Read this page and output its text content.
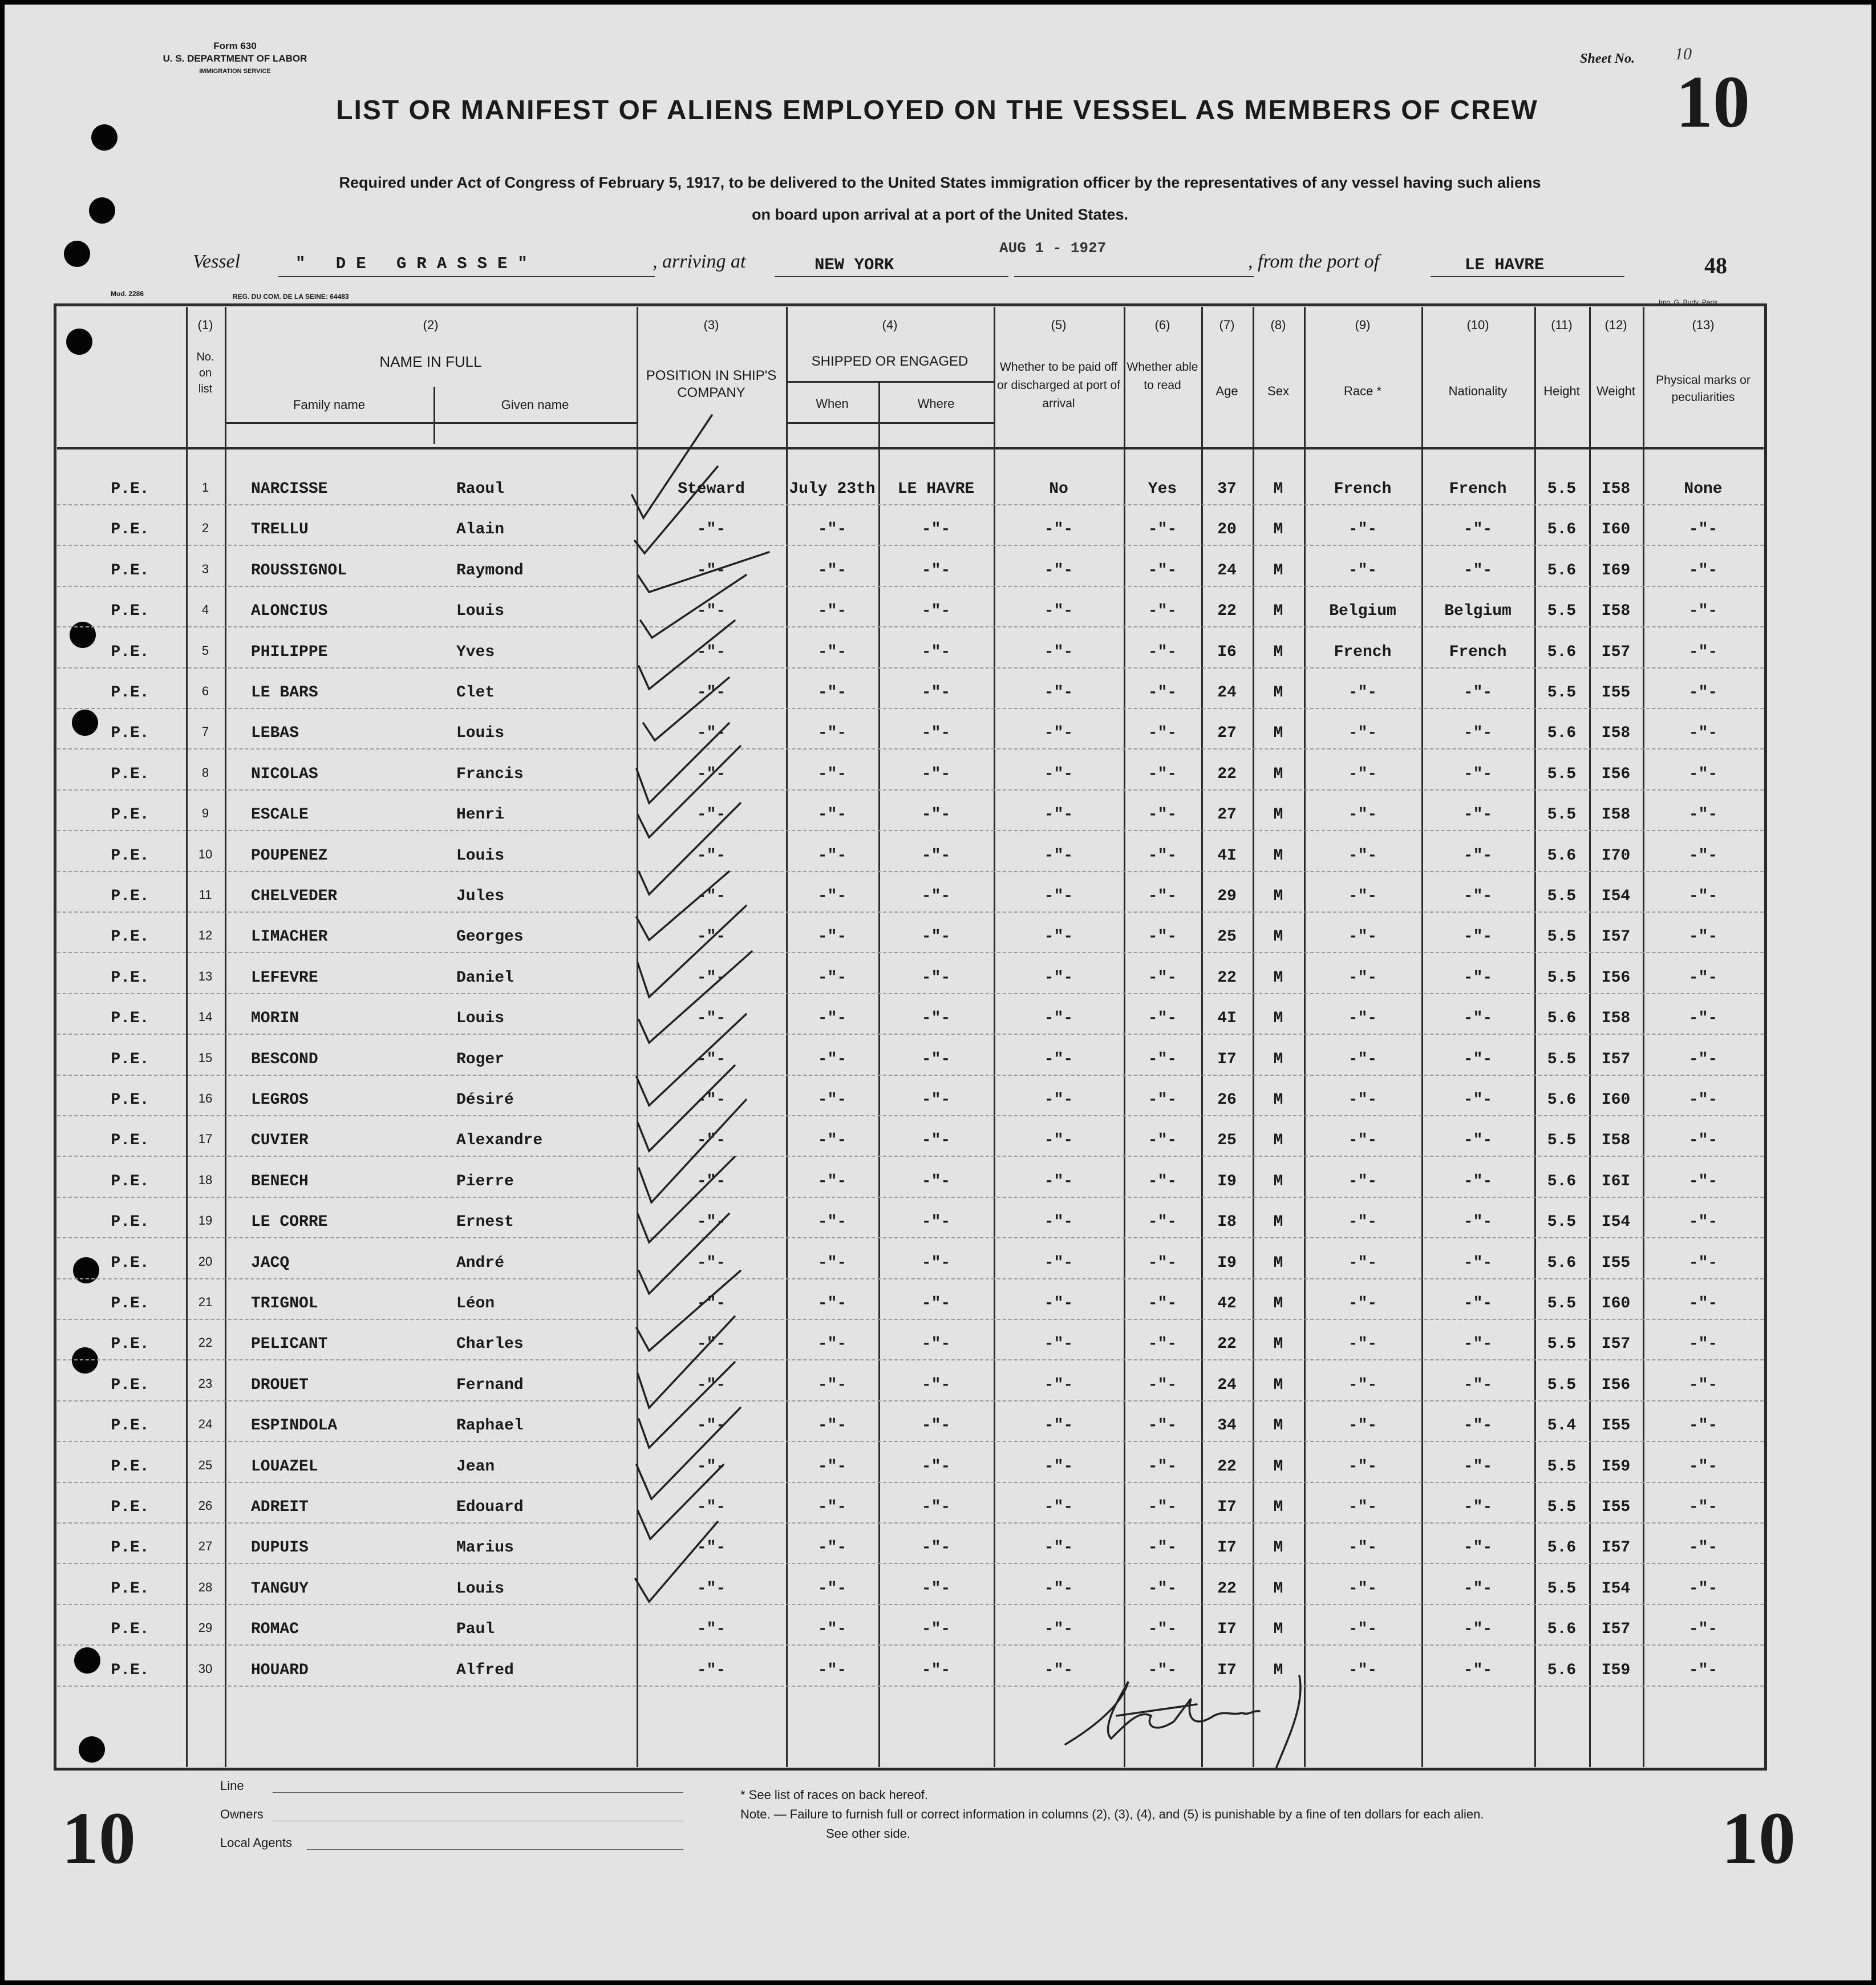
Form 630
U. S. DEPARTMENT OF LABOR
IMMIGRATION SERVICE
Sheet No. 10
10
LIST OR MANIFEST OF ALIENS EMPLOYED ON THE VESSEL AS MEMBERS OF CREW
Required under Act of Congress of February 5, 1917, to be delivered to the United States immigration officer by the representatives of any vessel having such aliens
on board upon arrival at a port of the United States.
Vessel	" DE GRASSE"	, arriving at	NEW YORK
AUG 1 - 1927
, from the port of	LE HAVRE	48
Mod. 2286	REG. DU COM. DE LA SEINE: 64483
Imp. G. Budy, Paris
(1)
No. on list
(2)
NAME IN FULL
Family name	Given name
(3)
POSITION IN SHIP'S COMPANY
(4)
SHIPPED OR ENGAGED
When	Where
(5)
Whether to be paid off or discharged at port of arrival
(6)
Whether able to read
(7)
Age
(8)
Sex
(9)
Race *
(10)
Nationality
(11)
Height
(12)
Weight
(13)
Physical marks or peculiarities
P.E.	1	NARCISSE	Raoul	Steward	July 23th	LE HAVRE	No	Yes	37	M	French	French	5.5	I58	None
P.E.	2	TRELLU	Alain	-"-	-"-	-"-	-"-	-"-	20	M	-"-	-"-	5.6	I60	-"-
P.E.	3	ROUSSIGNOL	Raymond	-"-	-"-	-"-	-"-	-"-	24	M	-"-	-"-	5.6	I69	-"-
P.E.	4	ALONCIUS	Louis	-"-	-"-	-"-	-"-	-"-	22	M	Belgium	Belgium	5.5	I58	-"-
P.E.	5	PHILIPPE	Yves	-"-	-"-	-"-	-"-	-"-	I6	M	French	French	5.6	I57	-"-
P.E.	6	LE BARS	Clet	-"-	-"-	-"-	-"-	-"-	24	M	-"-	-"-	5.5	I55	-"-
P.E.	7	LEBAS	Louis	-"-	-"-	-"-	-"-	-"-	27	M	-"-	-"-	5.6	I58	-"-
P.E.	8	NICOLAS	Francis	-"-	-"-	-"-	-"-	-"-	22	M	-"-	-"-	5.5	I56	-"-
P.E.	9	ESCALE	Henri	-"-	-"-	-"-	-"-	-"-	27	M	-"-	-"-	5.5	I58	-"-
P.E.	10	POUPENEZ	Louis	-"-	-"-	-"-	-"-	-"-	4I	M	-"-	-"-	5.6	I70	-"-
P.E.	11	CHELVEDER	Jules	-"-	-"-	-"-	-"-	-"-	29	M	-"-	-"-	5.5	I54	-"-
P.E.	12	LIMACHER	Georges	-"-	-"-	-"-	-"-	-"-	25	M	-"-	-"-	5.5	I57	-"-
P.E.	13	LEFEVRE	Daniel	-"-	-"-	-"-	-"-	-"-	22	M	-"-	-"-	5.5	I56	-"-
P.E.	14	MORIN	Louis	-"-	-"-	-"-	-"-	-"-	4I	M	-"-	-"-	5.6	I58	-"-
P.E.	15	BESCOND	Roger	-"-	-"-	-"-	-"-	-"-	I7	M	-"-	-"-	5.5	I57	-"-
P.E.	16	LEGROS	Désiré	-"-	-"-	-"-	-"-	-"-	26	M	-"-	-"-	5.6	I60	-"-
P.E.	17	CUVIER	Alexandre	-"-	-"-	-"-	-"-	-"-	25	M	-"-	-"-	5.5	I58	-"-
P.E.	18	BENECH	Pierre	-"-	-"-	-"-	-"-	-"-	I9	M	-"-	-"-	5.6	I6I	-"-
P.E.	19	LE CORRE	Ernest	-"-	-"-	-"-	-"-	-"-	I8	M	-"-	-"-	5.5	I54	-"-
P.E.	20	JACQ	André	-"-	-"-	-"-	-"-	-"-	I9	M	-"-	-"-	5.6	I55	-"-
P.E.	21	TRIGNOL	Léon	-"-	-"-	-"-	-"-	-"-	42	M	-"-	-"-	5.5	I60	-"-
P.E.	22	PELICANT	Charles	-"-	-"-	-"-	-"-	-"-	22	M	-"-	-"-	5.5	I57	-"-
P.E.	23	DROUET	Fernand	-"-	-"-	-"-	-"-	-"-	24	M	-"-	-"-	5.5	I56	-"-
P.E.	24	ESPINDOLA	Raphael	-"-	-"-	-"-	-"-	-"-	34	M	-"-	-"-	5.4	I55	-"-
P.E.	25	LOUAZEL	Jean	-"-	-"-	-"-	-"-	-"-	22	M	-"-	-"-	5.5	I59	-"-
P.E.	26	ADREIT	Edouard	-"-	-"-	-"-	-"-	-"-	I7	M	-"-	-"-	5.5	I55	-"-
P.E.	27	DUPUIS	Marius	-"-	-"-	-"-	-"-	-"-	I7	M	-"-	-"-	5.6	I57	-"-
P.E.	28	TANGUY	Louis	-"-	-"-	-"-	-"-	-"-	22	M	-"-	-"-	5.5	I54	-"-
P.E.	29	ROMAC	Paul	-"-	-"-	-"-	-"-	-"-	I7	M	-"-	-"-	5.6	I57	-"-
P.E.	30	HOUARD	Alfred	-"-	-"-	-"-	-"-	-"-	I7	M	-"-	-"-	5.6	I59	-"-
10	10
Line
Owners
Local Agents
* See list of races on back hereof.
Note. — Failure to furnish full or correct information in columns (2), (3), (4), and (5) is punishable by a fine of ten dollars for each alien.
See other side.
